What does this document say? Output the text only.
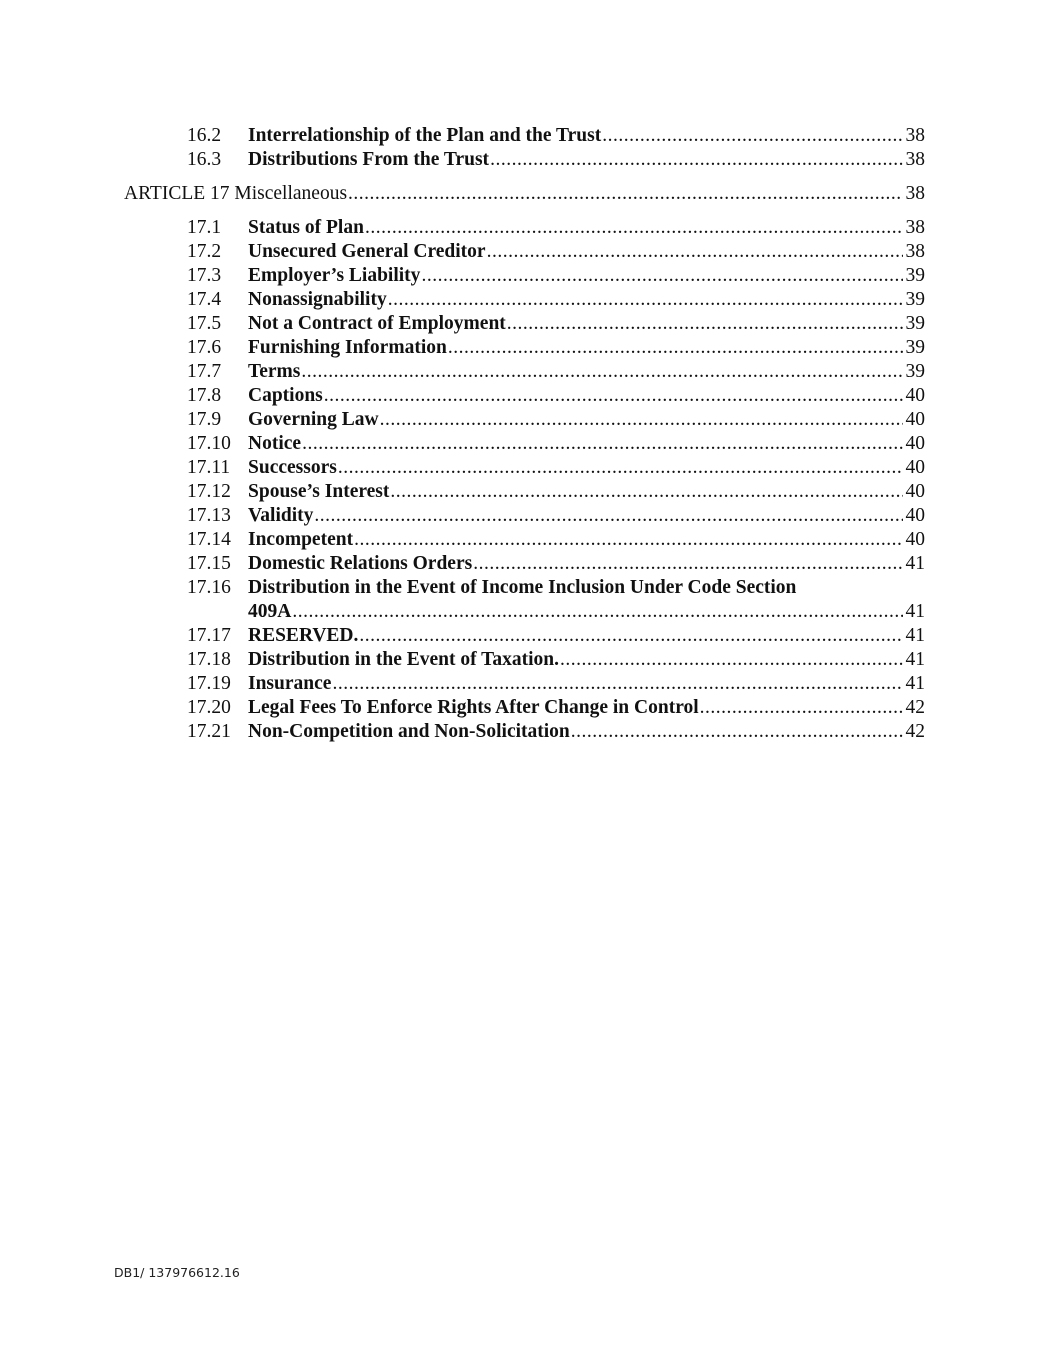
16.2	Interrelationship of the Plan and the Trust .....	38
16.3	Distributions From the Trust .....	38
ARTICLE 17 Miscellaneous .....	38
17.1	Status of Plan .....	38
17.2	Unsecured General Creditor .....	38
17.3	Employer’s Liability .....	39
17.4	Nonassignability .....	39
17.5	Not a Contract of Employment .....	39
17.6	Furnishing Information .....	39
17.7	Terms .....	39
17.8	Captions .....	40
17.9	Governing Law .....	40
17.10 Notice .....	40
17.11 Successors .....	40
17.12 Spouse’s Interest .....	40
17.13 Validity .....	40
17.14 Incompetent .....	40
17.15 Domestic Relations Orders .....	41
17.16 Distribution in the Event of Income Inclusion Under Code Section
409A .....	41
17.17 RESERVED. .....	41
17.18 Distribution in the Event of Taxation. .....	41
17.19 Insurance .....	41
17.20 Legal Fees To Enforce Rights After Change in Control .....	42
17.21 Non-Competition and Non-Solicitation .....	42
DB1/ 137976612.16
